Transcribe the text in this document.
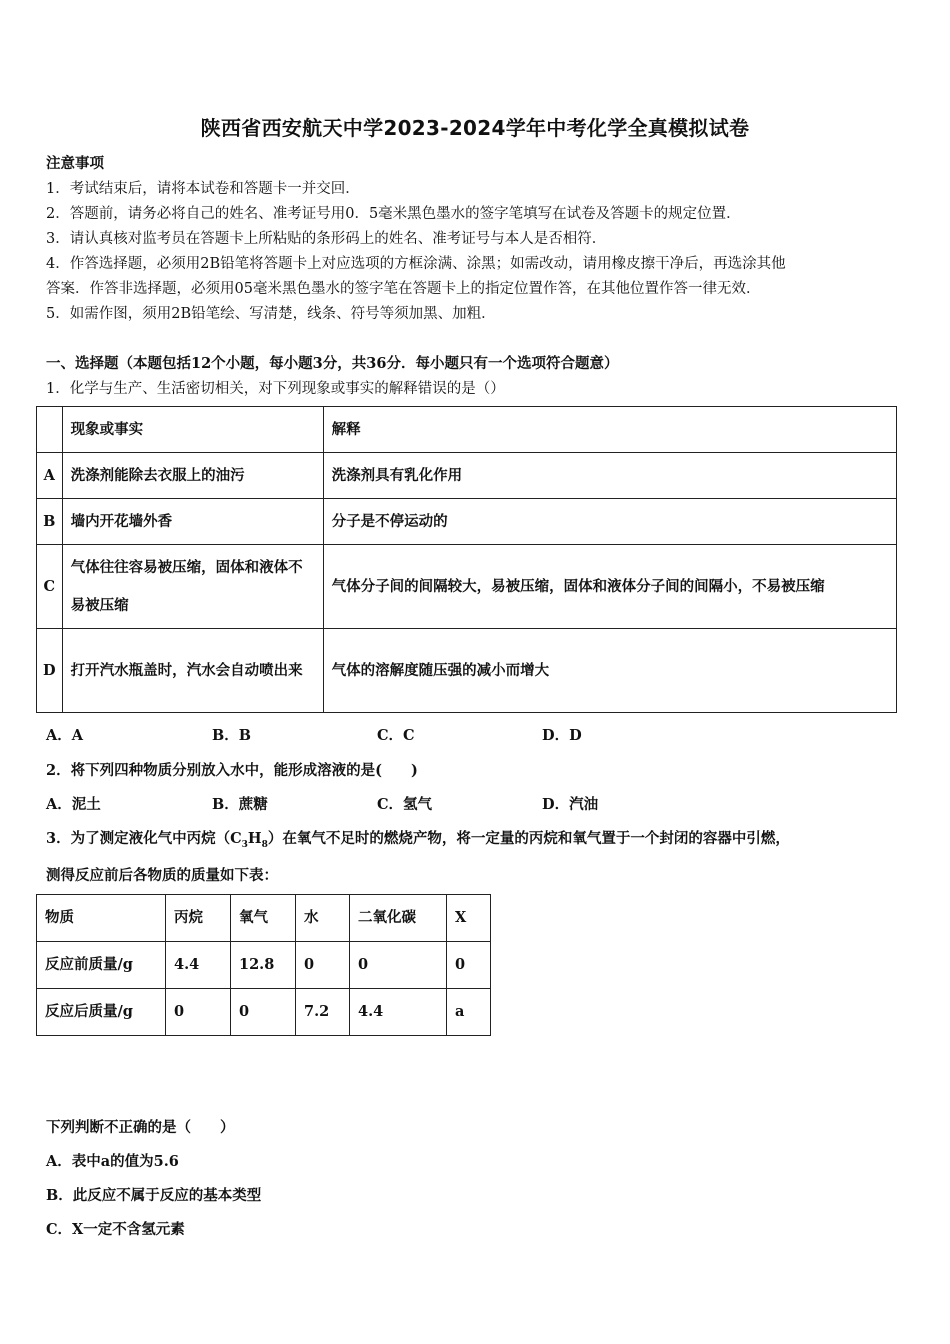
陕西省西安航天中学2023-2024学年中考化学全真模拟试卷
注意事项
1．考试结束后，请将本试卷和答题卡一并交回．
2．答题前，请务必将自己的姓名、准考证号用0．5毫米黑色墨水的签字笔填写在试卷及答题卡的规定位置．
3．请认真核对监考员在答题卡上所粘贴的条形码上的姓名、准考证号与本人是否相符．
4．作答选择题，必须用2B铅笔将答题卡上对应选项的方框涂满、涂黑；如需改动，请用橡皮擦干净后，再选涂其他
答案．作答非选择题，必须用05毫米黑色墨水的签字笔在答题卡上的指定位置作答，在其他位置作答一律无效．
5．如需作图，须用2B铅笔绘、写清楚，线条、符号等须加黑、加粗．
一、选择题（本题包括12个小题，每小题3分，共36分．每小题只有一个选项符合题意）
1．化学与生产、生活密切相关，对下列现象或事实的解释错误的是（）
	现象或事实	解释
A	洗涤剂能除去衣服上的油污	洗涤剂具有乳化作用
B	墙内开花墙外香	分子是不停运动的
C	气体往往容易被压缩，固体和液体不易被压缩	气体分子间的间隔较大，易被压缩，固体和液体分子间的间隔小，不易被压缩
D	打开汽水瓶盖时，汽水会自动喷出来	气体的溶解度随压强的减小而增大
A．A	B．B	C．C	D．D
2．将下列四种物质分别放入水中，能形成溶液的是(　　)
A．泥土	B．蔗糖	C．氢气	D．汽油
3．为了测定液化气中丙烷$(C_3H_8)$在氧气不足时的燃烧产物，将一定量的丙烷和氧气置于一个封闭的容器中引燃，
测得反应前后各物质的质量如下表：
物质	丙烷	氧气	水	二氧化碳	X
反应前质量/g	4.4	12.8	0	0	0
反应后质量/g	0	0	7.2	4.4	a
下列判断不正确的是（　　）
A．表中a的值为5.6
B．此反应不属于反应的基本类型
C．X一定不含氢元素
